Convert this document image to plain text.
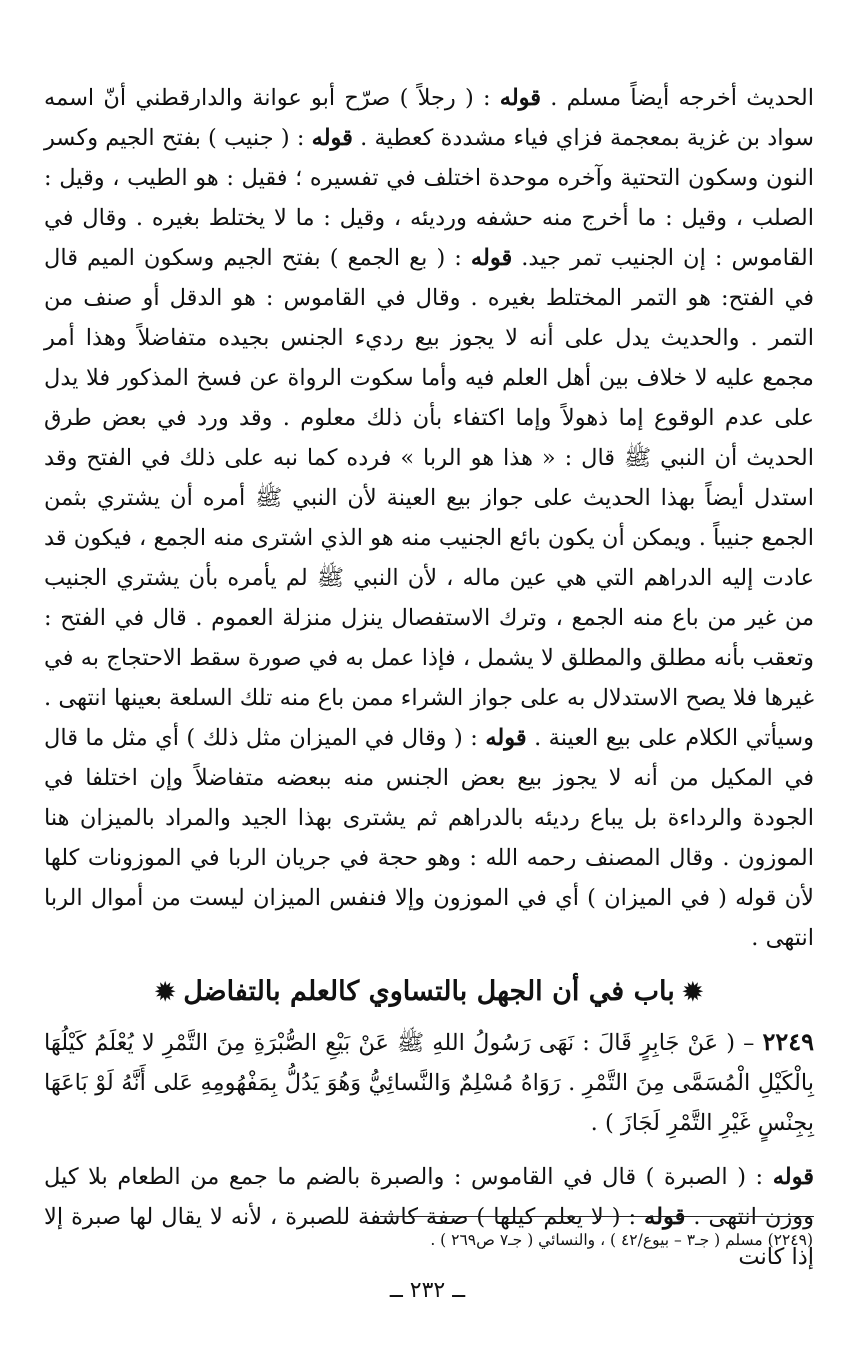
الحديث أخرجه أيضاً مسلم . قوله : ( رجلاً ) صرّح أبو عوانة والدارقطني أنّ اسمه سواد بن غزية بمعجمة فزاي فياء مشددة كعطية . قوله : ( جنيب ) بفتح الجيم وكسر النون وسكون التحتية وآخره موحدة اختلف في تفسيره ؛ فقيل : هو الطيب ، وقيل : الصلب ، وقيل : ما أخرج منه حشفه ورديئه ، وقيل : ما لا يختلط بغيره . وقال في القاموس : إن الجنيب تمر جيد. قوله : ( بع الجمع ) بفتح الجيم وسكون الميم قال في الفتح: هو التمر المختلط بغيره . وقال في القاموس : هو الدقل أو صنف من التمر . والحديث يدل على أنه لا يجوز بيع رديء الجنس بجيده متفاضلاً وهذا أمر مجمع عليه لا خلاف بين أهل العلم فيه وأما سكوت الرواة عن فسخ المذكور فلا يدل على عدم الوقوع إما ذهولاً وإما اكتفاء بأن ذلك معلوم . وقد ورد في بعض طرق الحديث أن النبي ﷺ قال : « هذا هو الربا » فرده كما نبه على ذلك في الفتح وقد استدل أيضاً بهذا الحديث على جواز بيع العينة لأن النبي ﷺ أمره أن يشتري بثمن الجمع جنيباً . ويمكن أن يكون بائع الجنيب منه هو الذي اشترى منه الجمع ، فيكون قد عادت إليه الدراهم التي هي عين ماله ، لأن النبي ﷺ لم يأمره بأن يشتري الجنيب من غير من باع منه الجمع ، وترك الاستفصال ينزل منزلة العموم . قال في الفتح : وتعقب بأنه مطلق والمطلق لا يشمل ، فإذا عمل به في صورة سقط الاحتجاج به في غيرها فلا يصح الاستدلال به على جواز الشراء ممن باع منه تلك السلعة بعينها انتهى . وسيأتي الكلام على بيع العينة . قوله : ( وقال في الميزان مثل ذلك ) أي مثل ما قال في المكيل من أنه لا يجوز بيع بعض الجنس منه ببعضه متفاضلاً وإن اختلفا في الجودة والرداءة بل يباع رديئه بالدراهم ثم يشترى بهذا الجيد والمراد بالميزان هنا الموزون . وقال المصنف رحمه الله : وهو حجة في جريان الربا في الموزونات كلها لأن قوله ( في الميزان ) أي في الموزون وإلا فنفس الميزان ليست من أموال الربا انتهى .

✹باب في أن الجهل بالتساوي كالعلم بالتفاضل✹

٢٢٤٩ – ( عَنْ جَابِرٍ قَالَ : نَهَى رَسُولُ اللهِ ﷺ عَنْ بَيْعِ الصُّبْرَةِ مِنَ التَّمْرِ لا يُعْلَمُ كَيْلُهَا بِالْكَيْلِ الْمُسَمَّى مِنَ التَّمْرِ . رَوَاهُ مُسْلِمٌ وَالنَّسائِيُّ وَهُوَ يَدُلُّ بِمَفْهُومِهِ عَلى أَنَّهُ لَوْ بَاعَهَا بِجِنْسٍ غَيْرِ التَّمْرِ لَجَازَ ) .

قوله : ( الصبرة ) قال في القاموس : والصبرة بالضم ما جمع من الطعام بلا كيل ووزن انتهى . قوله : ( لا يعلم كيلها ) صفة كاشفة للصبرة ، لأنه لا يقال لها صبرة إلا إذا كانت

(٢٢٤٩) مسلم ( جـ٣ – بيوع/٤٢ ) ، والنسائي ( جـ٧ ص٢٦٩ ) .
ــ ٢٣٢ ــ
